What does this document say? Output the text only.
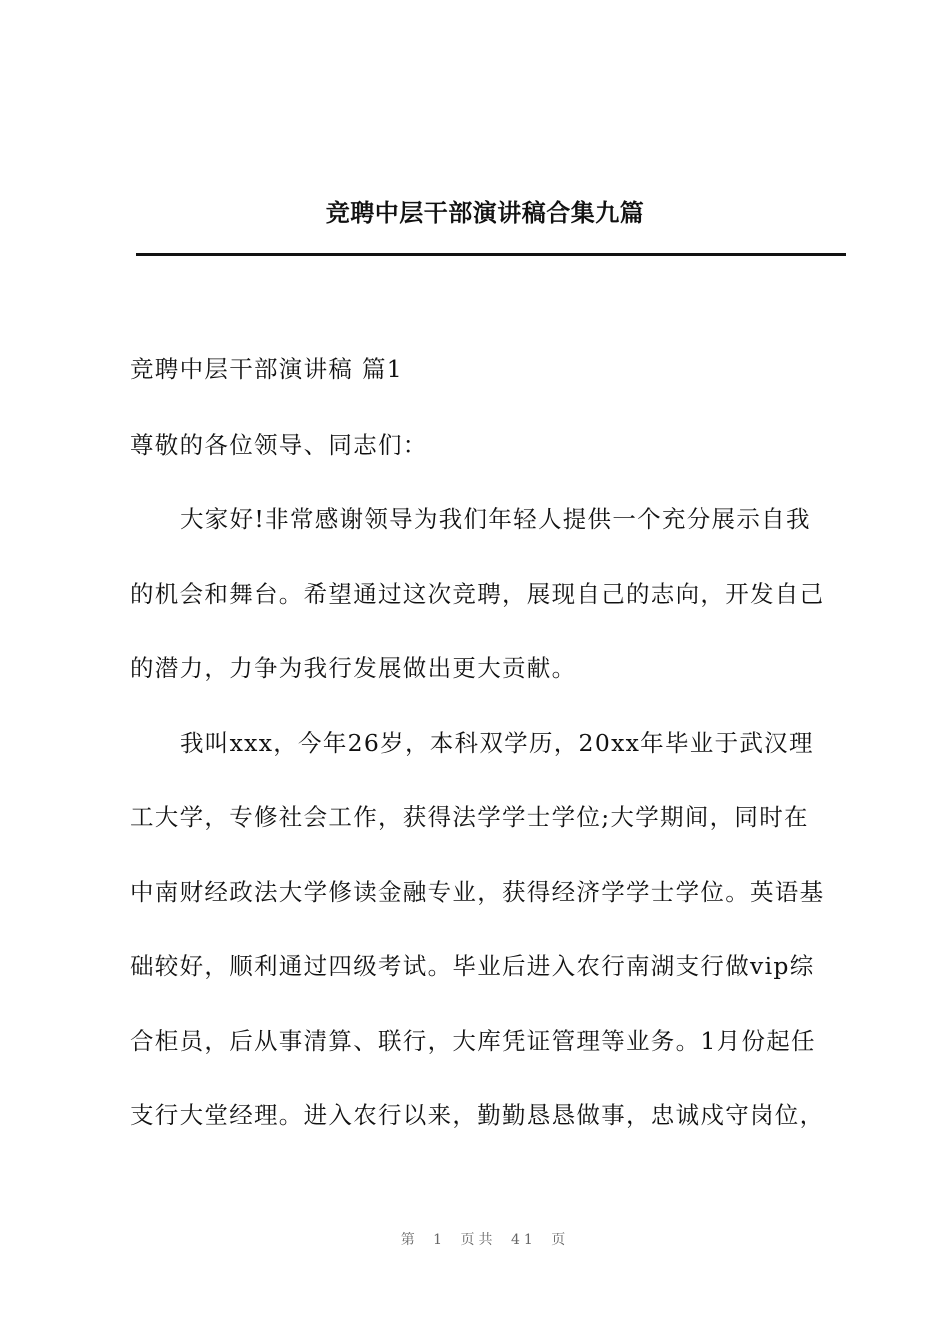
竞聘中层干部演讲稿合集九篇
竞聘中层干部演讲稿 篇1
尊敬的各位领导、同志们：
大家好!非常感谢领导为我们年轻人提供一个充分展示自我
的机会和舞台。希望通过这次竞聘，展现自己的志向，开发自己
的潜力，力争为我行发展做出更大贡献。
我叫xxx，今年26岁，本科双学历，20xx年毕业于武汉理
工大学，专修社会工作，获得法学学士学位;大学期间，同时在
中南财经政法大学修读金融专业，获得经济学学士学位。英语基
础较好，顺利通过四级考试。毕业后进入农行南湖支行做vip综
合柜员，后从事清算、联行，大库凭证管理等业务。1月份起任
支行大堂经理。进入农行以来，勤勤恳恳做事，忠诚戍守岗位，
第 1 页共 41 页
